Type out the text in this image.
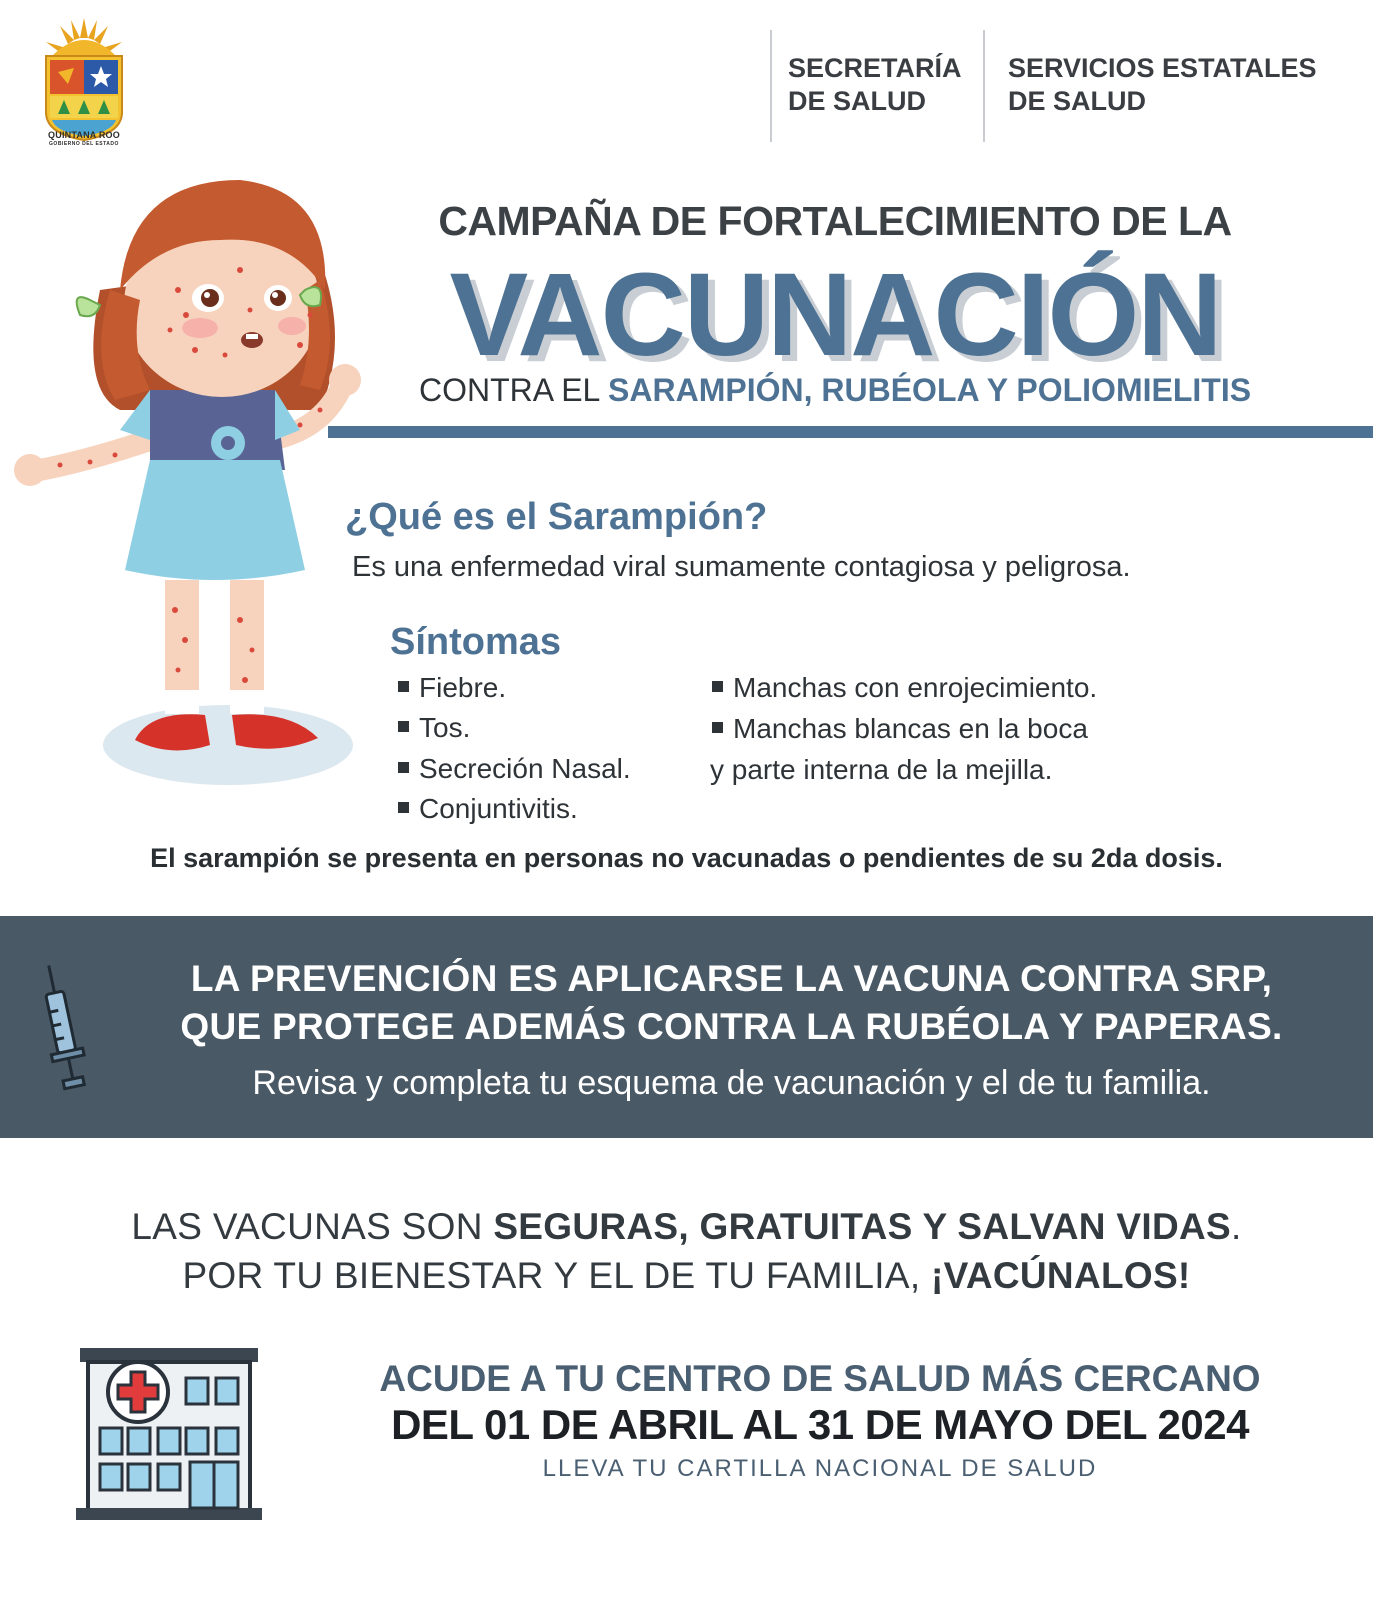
QUINTANA ROO
GOBIERNO DEL ESTADO
SECRETARÍA
DE SALUD
SERVICIOS ESTATALES
DE SALUD
CAMPAÑA DE FORTALECIMIENTO DE LA
VACUNACIÓN
CONTRA EL SARAMPIÓN, RUBÉOLA Y POLIOMIELITIS
¿Qué es el Sarampión?
Es una enfermedad viral sumamente contagiosa y peligrosa.
Síntomas
Fiebre.
Tos.
Secreción Nasal.
Conjuntivitis.
Manchas con enrojecimiento.
Manchas blancas en la boca
y parte interna de la mejilla.
El sarampión se presenta en personas no vacunadas o pendientes de su 2da dosis.
LA PREVENCIÓN ES APLICARSE LA VACUNA CONTRA SRP,
QUE PROTEGE ADEMÁS CONTRA LA RUBÉOLA Y PAPERAS.
Revisa y completa tu esquema de vacunación y el de tu familia.
LAS VACUNAS SON SEGURAS, GRATUITAS Y SALVAN VIDAS.
POR TU BIENESTAR Y EL DE TU FAMILIA, ¡VACÚNALOS!
ACUDE A TU CENTRO DE SALUD MÁS CERCANO
DEL 01 DE ABRIL AL 31 DE MAYO DEL 2024
LLEVA TU CARTILLA NACIONAL DE SALUD
